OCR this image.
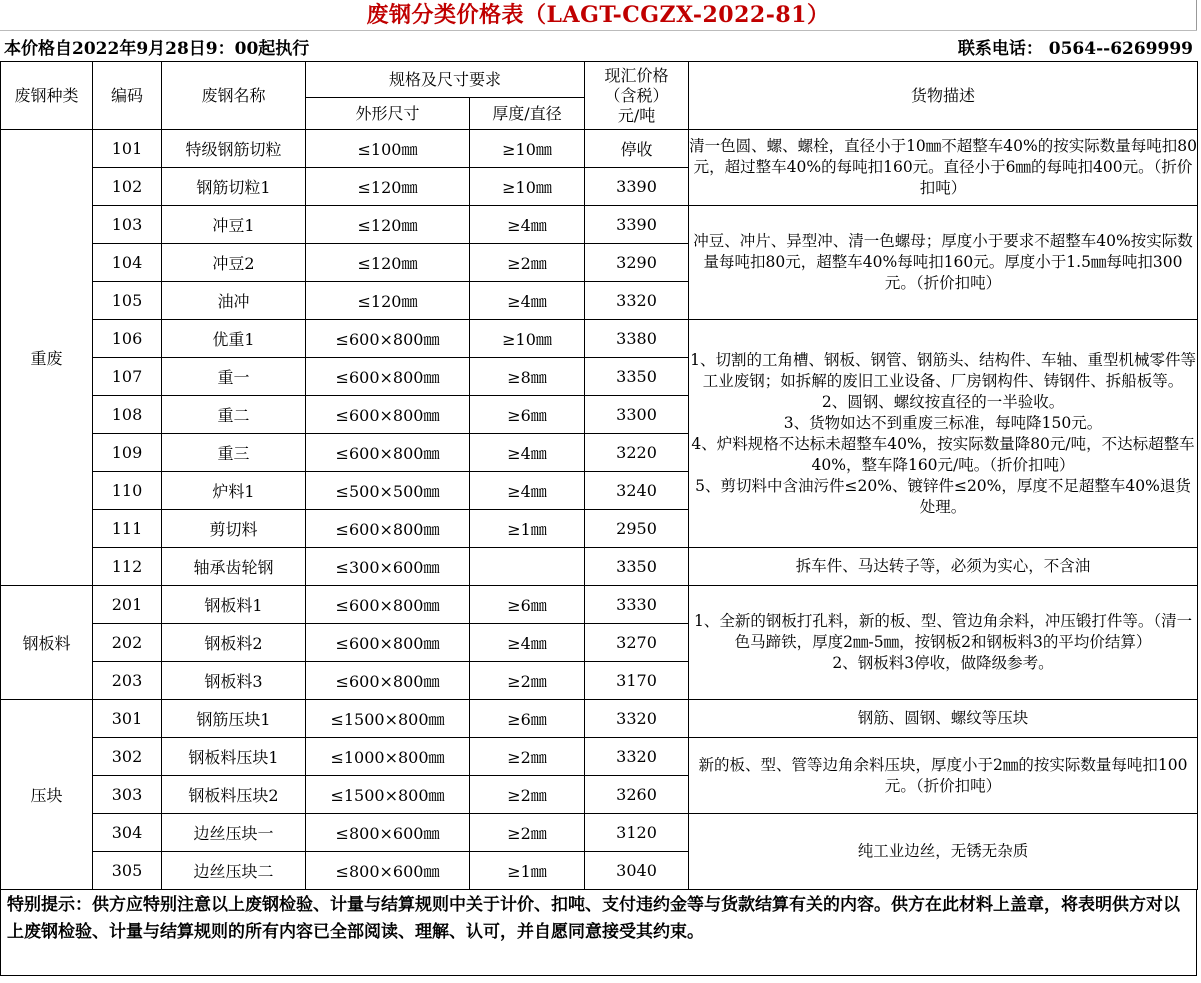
废钢分类价格表（LAGT-CGZX-2022-81）
本价格自2022年9月28日9：00起执行	联系电话： 0564--6269999
废钢种类	编码	废钢名称	规格及尺寸要求		现汇价格（含税）元/吨	货物描述
			外形尺寸	厚度/直径		
重废	101	特级钢筋切粒	≤100㎜	≥10㎜	停收	清一色圆、螺、螺栓，直径小于10㎜不超整车40%的按实际数量每吨扣80元，超过整车40%的每吨扣160元。直径小于6㎜的每吨扣400元。（折价扣吨）
	102	钢筋切粒1	≤120㎜	≥10㎜	3390	
	103	冲豆1	≤120㎜	≥4㎜	3390	冲豆、冲片、异型冲、清一色螺母；厚度小于要求不超整车40%按实际数量每吨扣80元，超整车40%每吨扣160元。厚度小于1.5㎜每吨扣300元。（折价扣吨）
	104	冲豆2	≤120㎜	≥2㎜	3290	
	105	油冲	≤120㎜	≥4㎜	3320	
	106	优重1	≤600×800㎜	≥10㎜	3380	1、切割的工角槽、钢板、钢管、钢筋头、结构件、车轴、重型机械零件等工业废钢；如拆解的废旧工业设备、厂房钢构件、铸钢件、拆船板等。
2、圆钢、螺纹按直径的一半验收。
3、货物如达不到重废三标准，每吨降150元。
4、炉料规格不达标未超整车40%，按实际数量降80元/吨，不达标超整车40%，整车降160元/吨。（折价扣吨）
5、剪切料中含油污件≤20%、镀锌件≤20%，厚度不足超整车40%退货处理。

	107	重一	≤600×800㎜	≥8㎜	3350	
	108	重二	≤600×800㎜	≥6㎜	3300	
	109	重三	≤600×800㎜	≥4㎜	3220	
	110	炉料1	≤500×500㎜	≥4㎜	3240	
	111	剪切料	≤600×800㎜	≥1㎜	2950	
	112	轴承齿轮钢	≤300×600㎜		3350	拆车件、马达转子等，必须为实心，不含油
钢板料	201	钢板料1	≤600×800㎜	≥6㎜	3330	1、全新的钢板打孔料，新的板、型、管边角余料，冲压锻打件等。（清一色马蹄铁，厚度2㎜-5㎜，按钢板2和钢板料3的平均价结算）
2、钢板料3停收，做降级参考。

	202	钢板料2	≤600×800㎜	≥4㎜	3270	
	203	钢板料3	≤600×800㎜	≥2㎜	3170	
压块	301	钢筋压块1	≤1500×800㎜	≥6㎜	3320	钢筋、圆钢、螺纹等压块
	302	钢板料压块1	≤1000×800㎜	≥2㎜	3320	新的板、型、管等边角余料压块，厚度小于2㎜的按实际数量每吨扣100元。（折价扣吨）
	303	钢板料压块2	≤1500×800㎜	≥2㎜	3260	
	304	边丝压块一	≤800×600㎜	≥2㎜	3120	纯工业边丝，无锈无杂质
	305	边丝压块二	≤800×600㎜	≥1㎜	3040	
特别提示：供方应特别注意以上废钢检验、计量与结算规则中关于计价、扣吨、支付违约金等与货款结算有关的内容。供方在此材料上盖章，将表明供方对以上废钢检验、计量与结算规则的所有内容已全部阅读、理解、认可，并自愿同意接受其约束。
